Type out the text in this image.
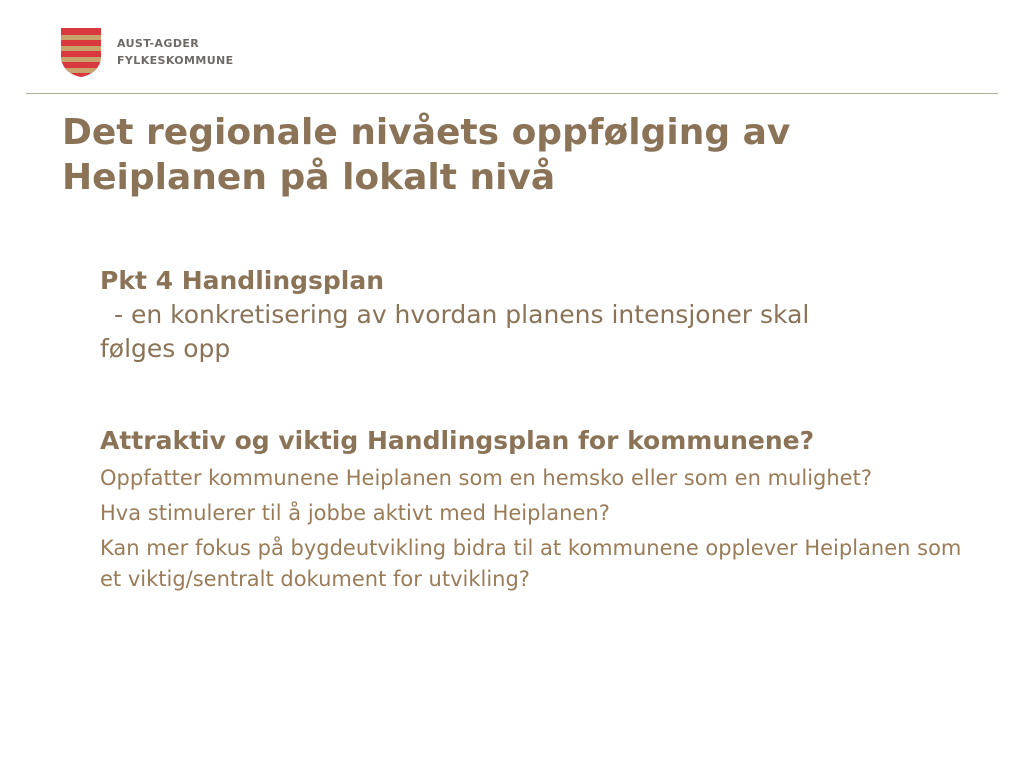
AUST-AGDER
FYLKESKOMMUNE
Det regionale nivåets oppfølging av
Heiplanen på lokalt nivå
Pkt 4 Handlingsplan
- en konkretisering av hvordan planens intensjoner skal
følges opp
Attraktiv og viktig Handlingsplan for kommunene?
Oppfatter kommunene Heiplanen som en hemsko eller som en mulighet?
Hva stimulerer til å jobbe aktivt med Heiplanen?
Kan mer fokus på bygdeutvikling bidra til at kommunene opplever Heiplanen som et viktig/sentralt dokument for utvikling?
